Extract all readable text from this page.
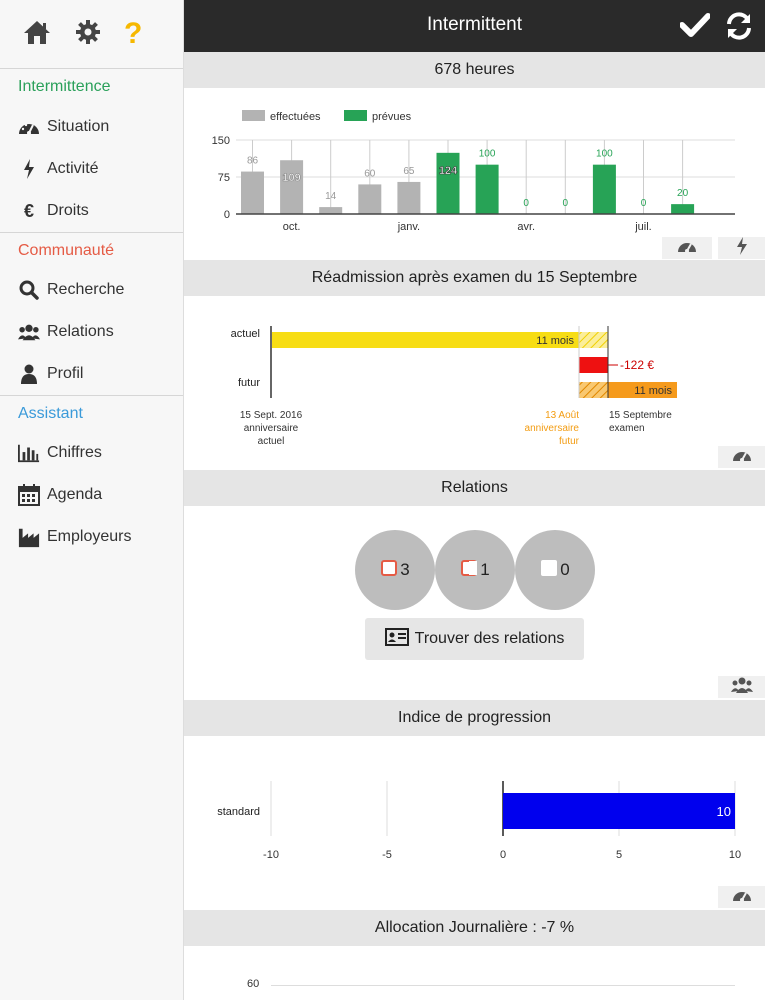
?
Intermittence
Situation
Activité
€ Droits
Communauté
Recherche
Relations
Profil
Assistant
Chiffres
Agenda
Employeurs
Intermittent
678 heures
effectuées	prévues
0
75
150
86
109
14
60	65 124
100
0	0
100
0
20
oct.	janv.	avr.	juil.
Réadmission après examen du 15 Septembre
actuel
futur
11 mois
-122 €
11 mois
15 Sept. 2016
anniversaire
actuel
13 Août
anniversaire
futur
15 Septembre
examen
Relations
3	1	0
Trouver des relations
Indice de progression
-10	-5	0	5	10
10
standard
Allocation Journalière : -7 %
60
